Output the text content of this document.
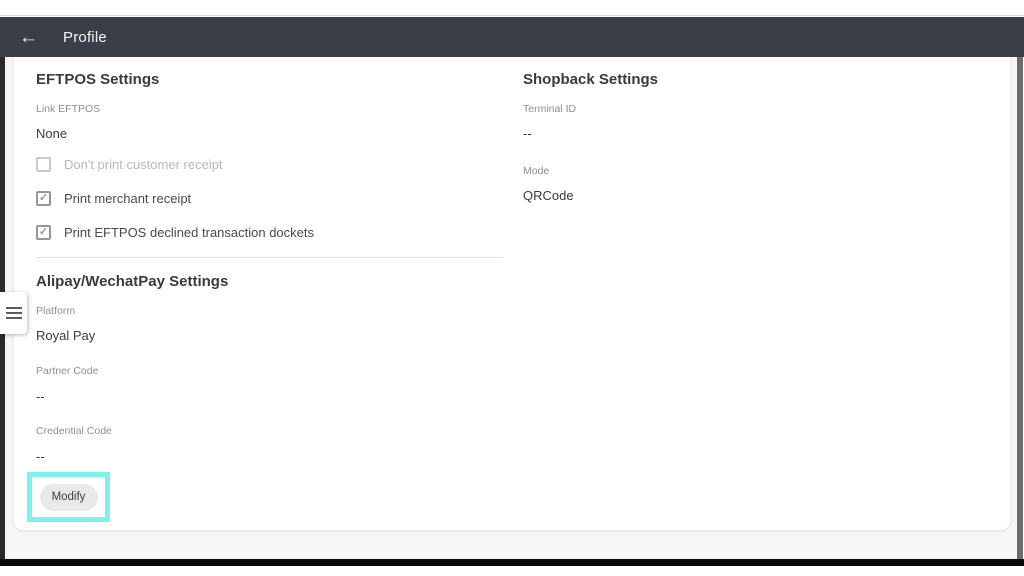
← Profile
EFTPOS Settings
Link EFTPOS
None
Don't print customer receipt
✓ Print merchant receipt
✓ Print EFTPOS declined transaction dockets
Alipay/WechatPay Settings
Platform
Royal Pay
Partner Code
--
Credential Code
--
Modify
Shopback Settings
Terminal ID
--
Mode
QRCode
